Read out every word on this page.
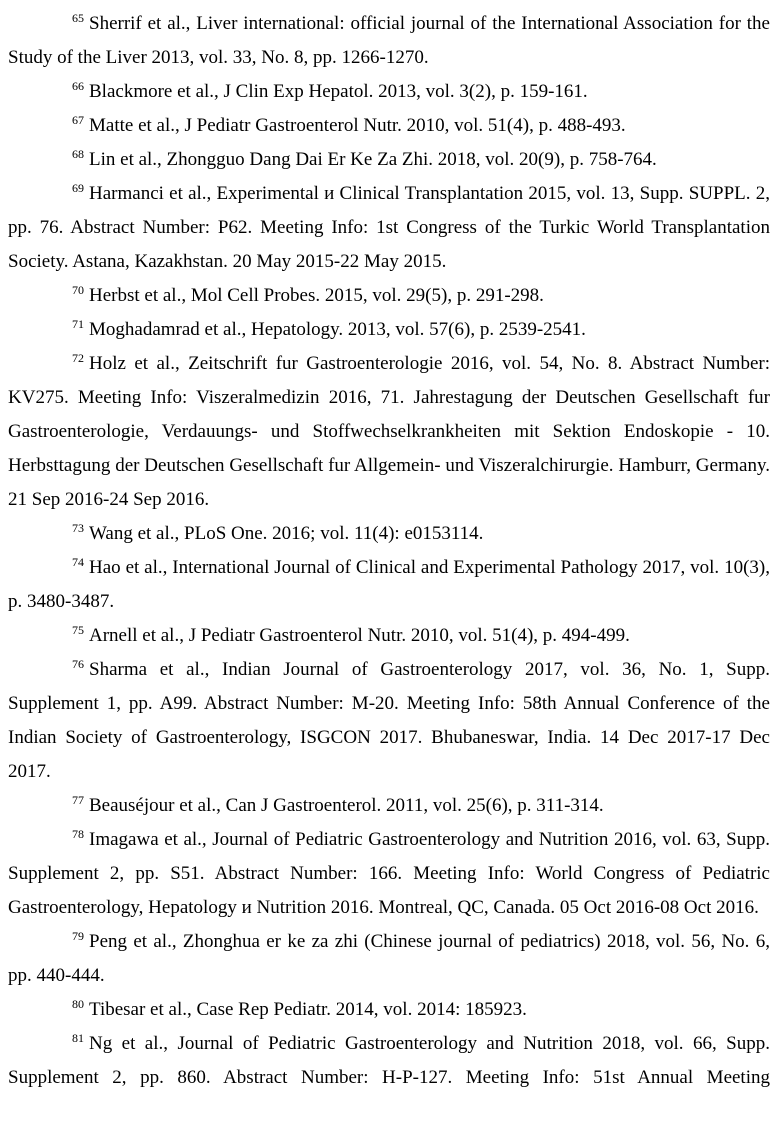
$^{65}$ Sherrif et al., Liver international: official journal of the International Association for the Study of the Liver 2013, vol. 33, No. 8, pp. 1266-1270.

$^{66}$ Blackmore et al., J Clin Exp Hepatol. 2013, vol. 3(2), p. 159-161.

$^{67}$ Matte et al., J Pediatr Gastroenterol Nutr. 2010, vol. 51(4), p. 488-493.

$^{68}$ Lin et al., Zhongguo Dang Dai Er Ke Za Zhi. 2018, vol. 20(9), p. 758-764.

$^{69}$ Harmanci et al., Experimental и Clinical Transplantation 2015, vol. 13, Supp. SUPPL. 2, pp. 76. Abstract Number: P62. Meeting Info: 1st Congress of the Turkic World Transplantation Society. Astana, Kazakhstan. 20 May 2015-22 May 2015.

$^{70}$ Herbst et al., Mol Cell Probes. 2015, vol. 29(5), p. 291-298.

$^{71}$ Moghadamrad et al., Hepatology. 2013, vol. 57(6), p. 2539-2541.

$^{72}$ Holz et al., Zeitschrift fur Gastroenterologie 2016, vol. 54, No. 8. Abstract Number: KV275. Meeting Info: Viszeralmedizin 2016, 71. Jahrestagung der Deutschen Gesellschaft fur Gastroenterologie, Verdauungs- und Stoffwechselkrankheiten mit Sektion Endoskopie - 10. Herbsttagung der Deutschen Gesellschaft fur Allgemein- und Viszeralchirurgie. Hamburr, Germany. 21 Sep 2016-24 Sep 2016.

$^{73}$ Wang et al., PLoS One. 2016; vol. 11(4): e0153114.

$^{74}$ Hao et al., International Journal of Clinical and Experimental Pathology 2017, vol. 10(3), p. 3480-3487.

$^{75}$ Arnell et al., J Pediatr Gastroenterol Nutr. 2010, vol. 51(4), p. 494-499.

$^{76}$ Sharma et al., Indian Journal of Gastroenterology 2017, vol. 36, No. 1, Supp. Supplement 1, pp. A99. Abstract Number: M-20. Meeting Info: 58th Annual Conference of the Indian Society of Gastroenterology, ISGCON 2017. Bhubaneswar, India. 14 Dec 2017-17 Dec 2017.

$^{77}$ Beauséjour et al., Can J Gastroenterol. 2011, vol. 25(6), p. 311-314.

$^{78}$ Imagawa et al., Journal of Pediatric Gastroenterology and Nutrition 2016, vol. 63, Supp. Supplement 2, pp. S51. Abstract Number: 166. Meeting Info: World Congress of Pediatric Gastroenterology, Hepatology и Nutrition 2016. Montreal, QC, Canada. 05 Oct 2016-08 Oct 2016.

$^{79}$ Peng et al., Zhonghua er ke za zhi (Chinese journal of pediatrics) 2018, vol. 56, No. 6, pp. 440-444.

$^{80}$ Tibesar et al., Case Rep Pediatr. 2014, vol. 2014: 185923.

$^{81}$ Ng et al., Journal of Pediatric Gastroenterology and Nutrition 2018, vol. 66, Supp. Supplement 2, pp. 860. Abstract Number: H-P-127. Meeting Info: 51st Annual Meeting
